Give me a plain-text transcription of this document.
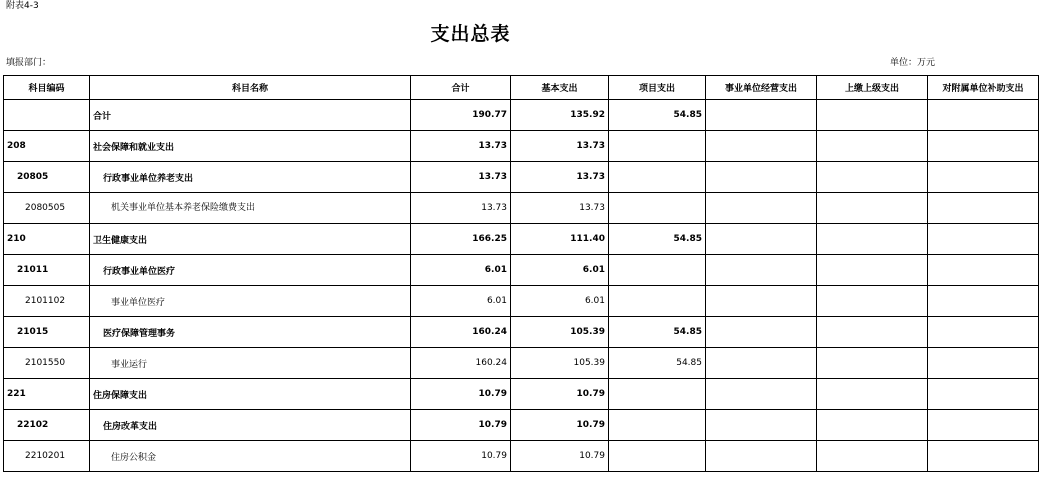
附表4-3
支出总表
填报部门：	单位：万元
科目编码	科目名称	合计	基本支出	项目支出	事业单位经营支出	上缴上级支出	对附属单位补助支出
	合计	190.77	135.92	54.85			
208	社会保障和就业支出	13.73	13.73				
20805	行政事业单位养老支出	13.73	13.73				
2080505	机关事业单位基本养老保险缴费支出	13.73	13.73				
210	卫生健康支出	166.25	111.40	54.85			
21011	行政事业单位医疗	6.01	6.01				
2101102	事业单位医疗	6.01	6.01				
21015	医疗保障管理事务	160.24	105.39	54.85			
2101550	事业运行	160.24	105.39	54.85			
221	住房保障支出	10.79	10.79				
22102	住房改革支出	10.79	10.79				
2210201	住房公积金	10.79	10.79				
